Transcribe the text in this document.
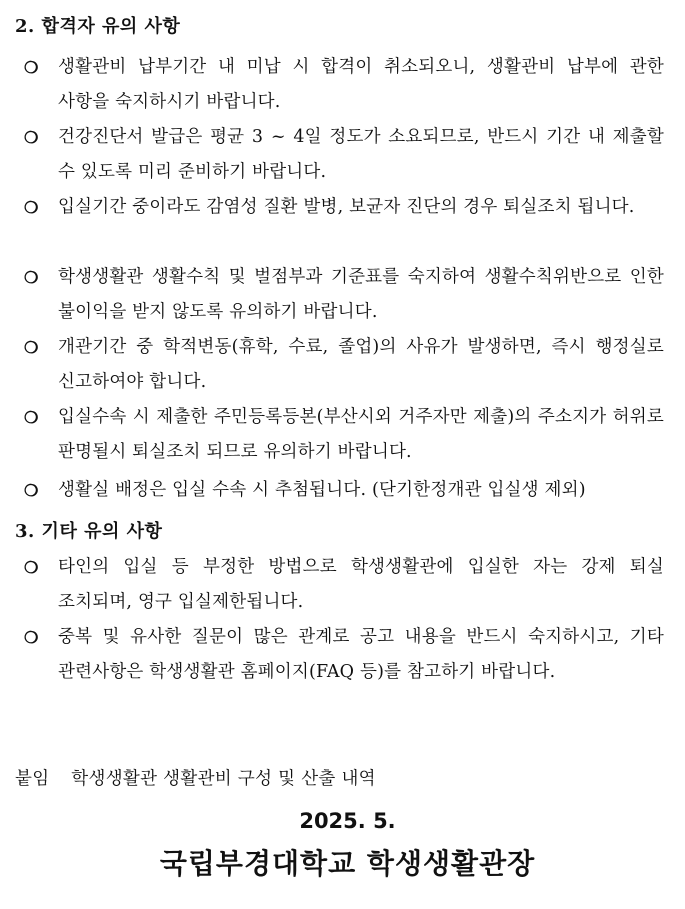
2. 합격자 유의 사항
❍ 생활관비 납부기간 내 미납 시 합격이 취소되오니, 생활관비 납부에 관한 사항을 숙지하시기 바랍니다.
❍ 건강진단서 발급은 평균 3 ~ 4일 정도가 소요되므로, 반드시 기간 내 제출할 수 있도록 미리 준비하기 바랍니다.
❍ 입실기간 중이라도 감염성 질환 발병, 보균자 진단의 경우 퇴실조치 됩니다.
❍ 학생생활관 생활수칙 및 벌점부과 기준표를 숙지하여 생활수칙위반으로 인한 불이익을 받지 않도록 유의하기 바랍니다.
❍ 개관기간 중 학적변동(휴학, 수료, 졸업)의 사유가 발생하면, 즉시 행정실로 신고하여야 합니다.
❍ 입실수속 시 제출한 주민등록등본(부산시외 거주자만 제출)의 주소지가 허위로 판명될시 퇴실조치 되므로 유의하기 바랍니다.
❍ 생활실 배정은 입실 수속 시 추첨됩니다. (단기한정개관 입실생 제외)
3. 기타 유의 사항
❍ 타인의 입실 등 부정한 방법으로 학생생활관에 입실한 자는 강제 퇴실 조치되며, 영구 입실제한됩니다.
❍ 중복 및 유사한 질문이 많은 관계로 공고 내용을 반드시 숙지하시고, 기타 관련사항은 학생생활관 홈페이지(FAQ 등)를 참고하기 바랍니다.
붙임 학생생활관 생활관비 구성 및 산출 내역
2025. 5.
국립부경대학교 학생생활관장
